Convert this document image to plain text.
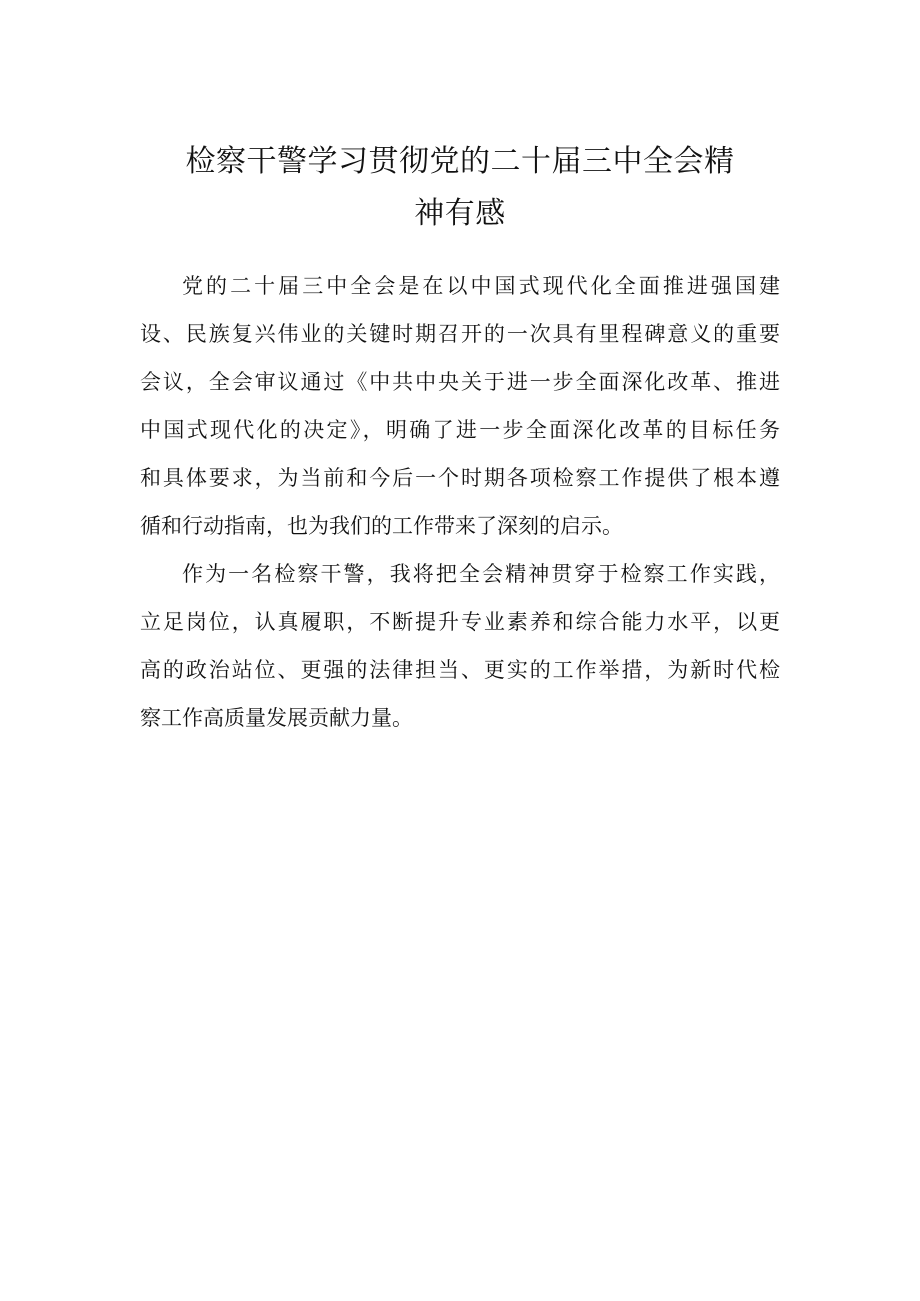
检察干警学习贯彻党的二十届三中全会精
神有感
党的二十届三中全会是在以中国式现代化全面推进强国建
设、民族复兴伟业的关键时期召开的一次具有里程碑意义的重要
会议，全会审议通过《中共中央关于进一步全面深化改革、推进
中国式现代化的决定》，明确了进一步全面深化改革的目标任务
和具体要求，为当前和今后一个时期各项检察工作提供了根本遵
循和行动指南，也为我们的工作带来了深刻的启示。
作为一名检察干警，我将把全会精神贯穿于检察工作实践，
立足岗位，认真履职，不断提升专业素养和综合能力水平，以更
高的政治站位、更强的法律担当、更实的工作举措，为新时代检
察工作高质量发展贡献力量。
